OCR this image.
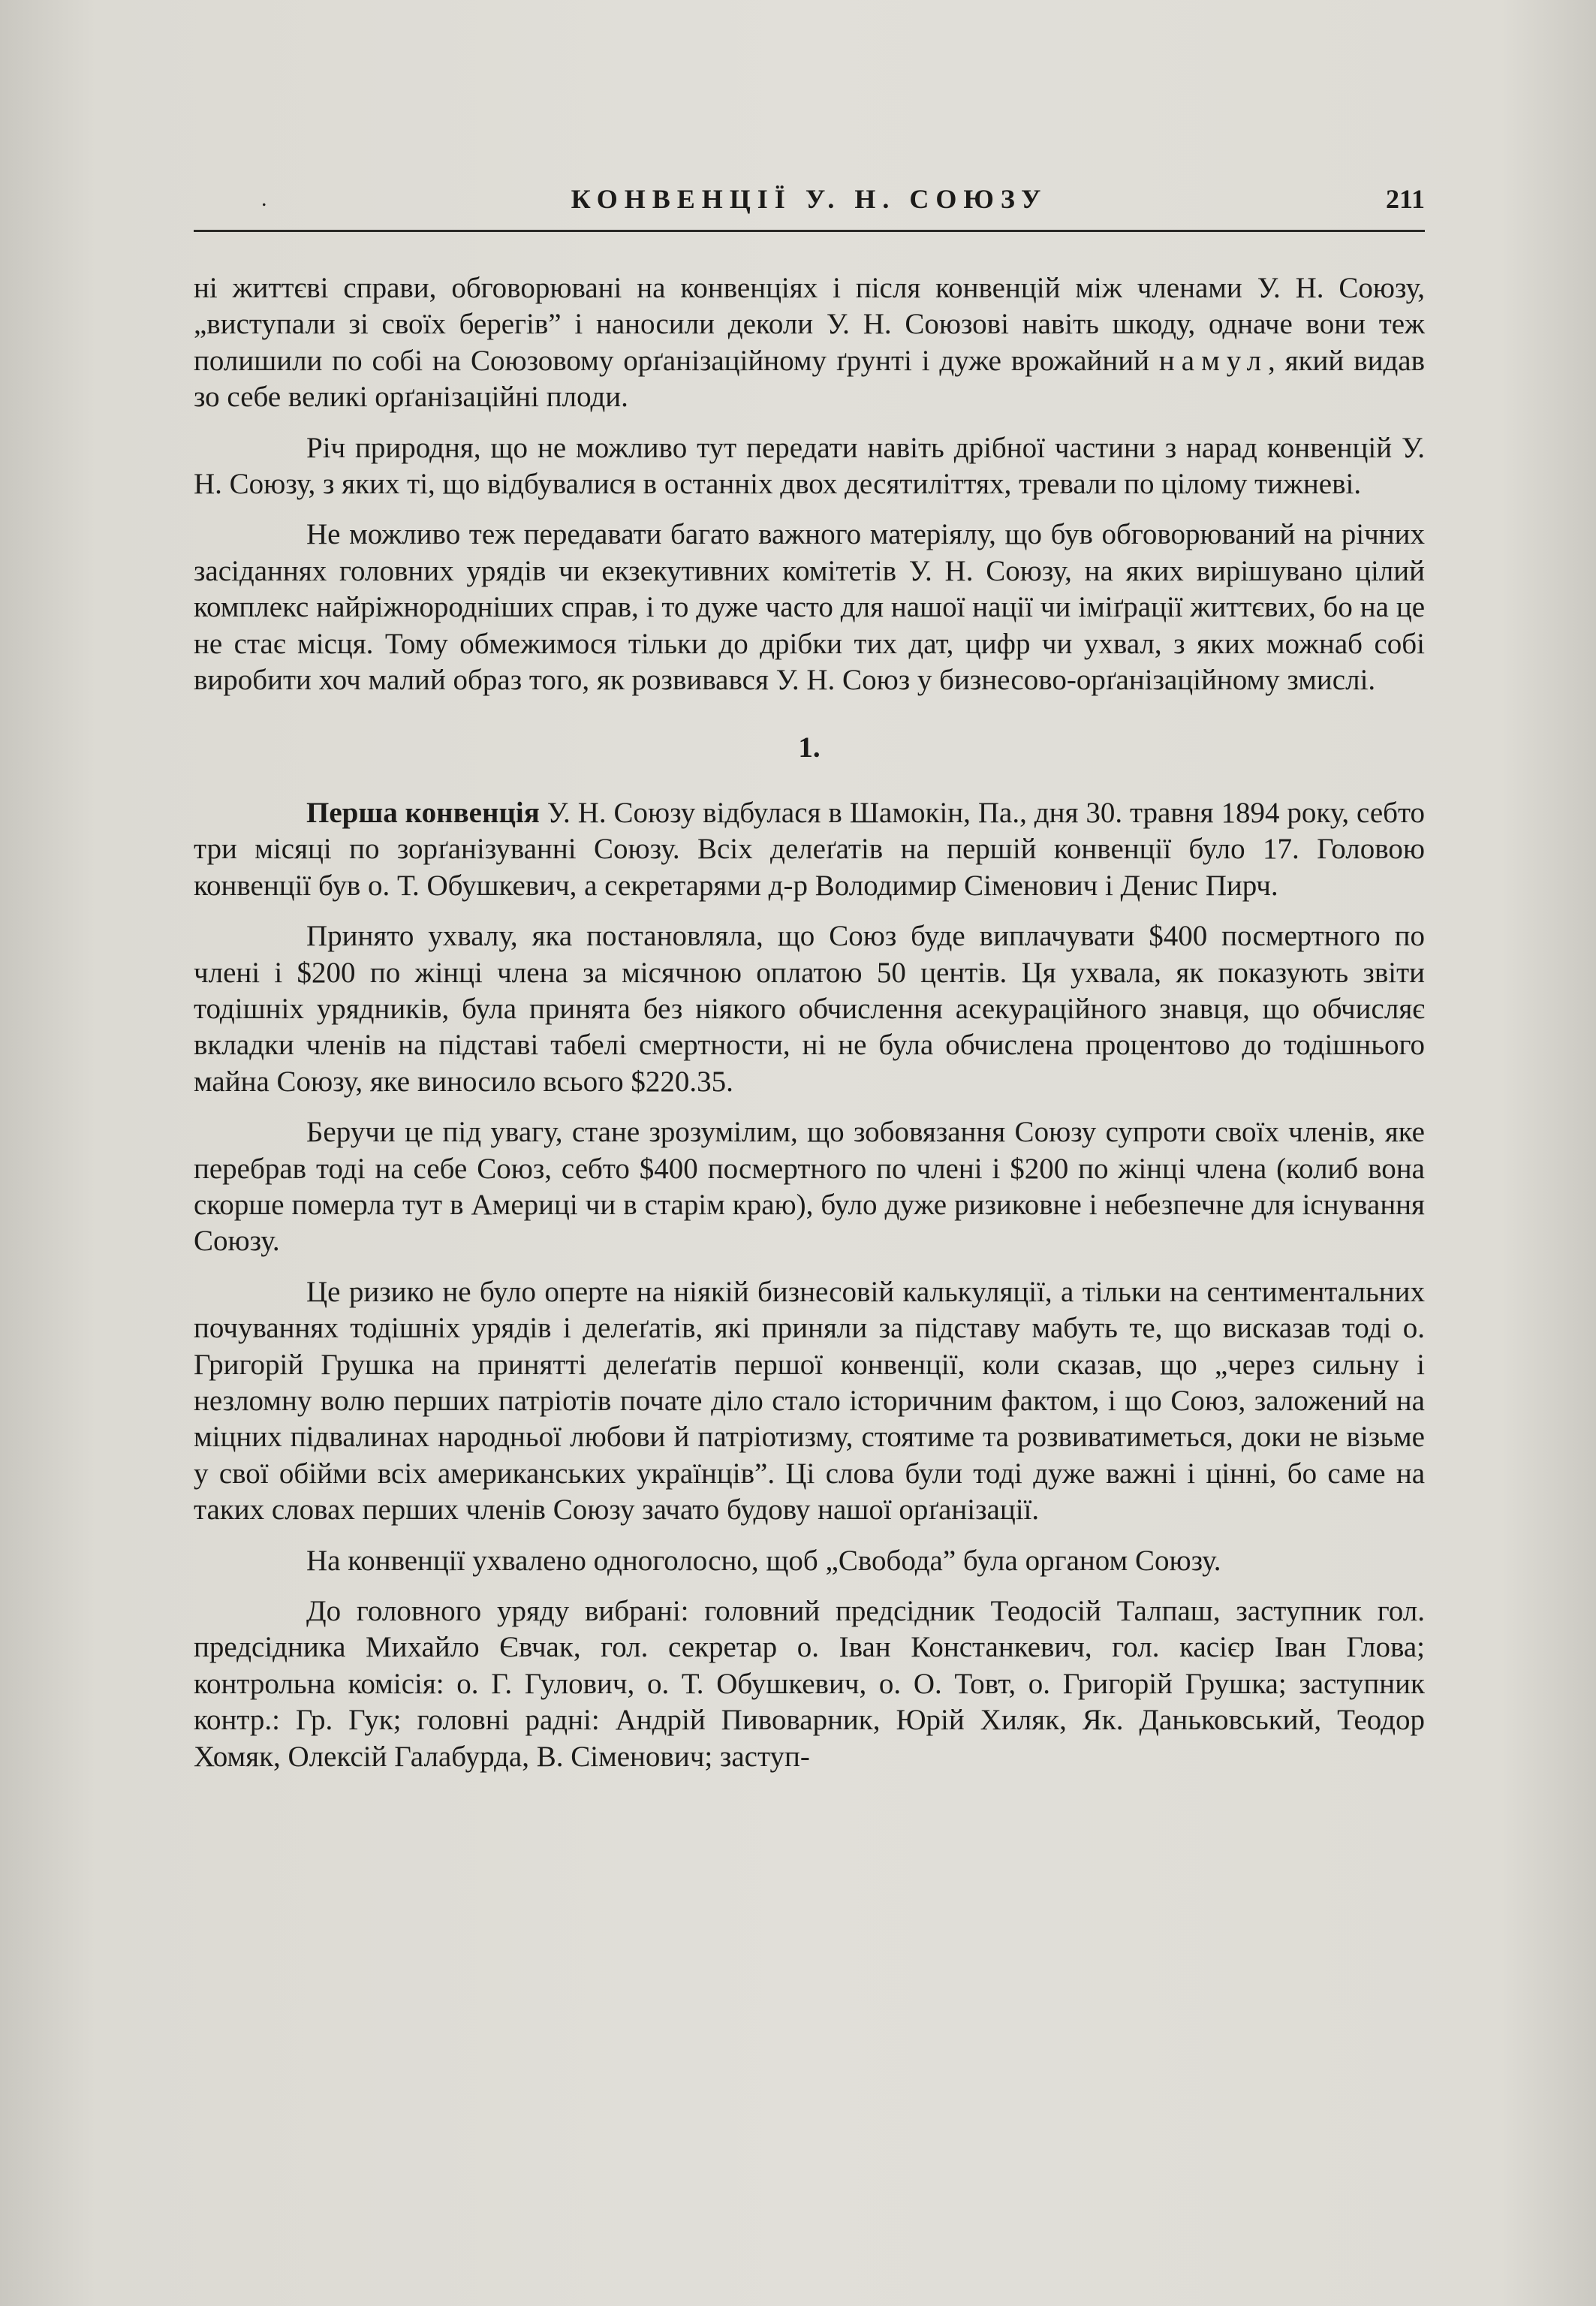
.	КОНВЕНЦІЇ У. Н. СОЮЗУ	211

ні життєві справи, обговорювані на конвенціях і після конвенцій між членами У. Н. Союзу, „виступали зі своїх берегів” і наносили деколи У. Н. Союзові навіть шкоду, одначе вони теж полишили по собі на Союзовому орґанізаційному ґрунті і дуже врожайний намул, який видав зо себе великі орґанізаційні плоди.

Річ природня, що не можливо тут передати навіть дрібної частини з нарад конвенцій У. Н. Союзу, з яких ті, що відбувалися в останніх двох десятиліттях, тревали по цілому тижневі.

Не можливо теж передавати багато важного матеріялу, що був обговорюваний на річних засіданнях головних урядів чи екзекутивних комітетів У. Н. Союзу, на яких вирішувано цілий комплекс найріжнородніших справ, і то дуже часто для нашої нації чи іміґрації життєвих, бо на це не стає місця. Тому обмежимося тільки до дрібки тих дат, цифр чи ухвал, з яких можнаб собі виробити хоч малий образ того, як розвивався У. Н. Союз у бизнесово-орґанізаційному змислі.

1.

Перша конвенція У. Н. Союзу відбулася в Шамокін, Па., дня 30. травня 1894 року, себто три місяці по зорґанізуванні Союзу. Всіх делеґатів на першій конвенції було 17. Головою конвенції був о. Т. Обушкевич, а секретарями д-р Володимир Сіменович і Денис Пирч.

Принято ухвалу, яка постановляла, що Союз буде виплачувати $400 посмертного по члені і $200 по жінці члена за місячною оплатою 50 центів. Ця ухвала, як показують звіти тодішніх урядників, була принята без ніякого обчислення асекураційного знавця, що обчисляє вкладки членів на підставі табелі смертности, ні не була обчислена процентово до тодішнього майна Союзу, яке виносило всього $220.35.

Беручи це під увагу, стане зрозумілим, що зобовязання Союзу супроти своїх членів, яке перебрав тоді на себе Союз, себто $400 посмертного по члені і $200 по жінці члена (колиб вона скорше померла тут в Америці чи в старім краю), було дуже ризиковне і небезпечне для існування Союзу.

Це ризико не було оперте на ніякій бизнесовій калькуляції, а тільки на сентиментальних почуваннях тодішніх урядів і делеґатів, які приняли за підставу мабуть те, що висказав тоді о. Григорій Грушка на принятті делеґатів першої конвенції, коли сказав, що „через сильну і незломну волю перших патріотів почате діло стало історичним фактом, і що Союз, заложений на міцних підвалинах народньої любови й патріотизму, стоятиме та розвиватиметься, доки не візьме у свої обійми всіх американських українців”. Ці слова були тоді дуже важні і цінні, бо саме на таких словах перших членів Союзу зачато будову нашої орґанізації.

На конвенції ухвалено одноголосно, щоб „Свобода” була органом Союзу.

До головного уряду вибрані: головний предсідник Теодосій Талпаш, заступник гол. предсідника Михайло Євчак, гол. секретар о. Іван Констанкевич, гол. касієр Іван Глова; контрольна комісія: о. Г. Гулович, о. Т. Обушкевич, о. О. Товт, о. Григорій Грушка; заступник контр.: Гр. Гук; головні радні: Андрій Пивоварник, Юрій Хиляк, Як. Даньковський, Теодор Хомяк, Олексій Галабурда, В. Сіменович; заступ-
